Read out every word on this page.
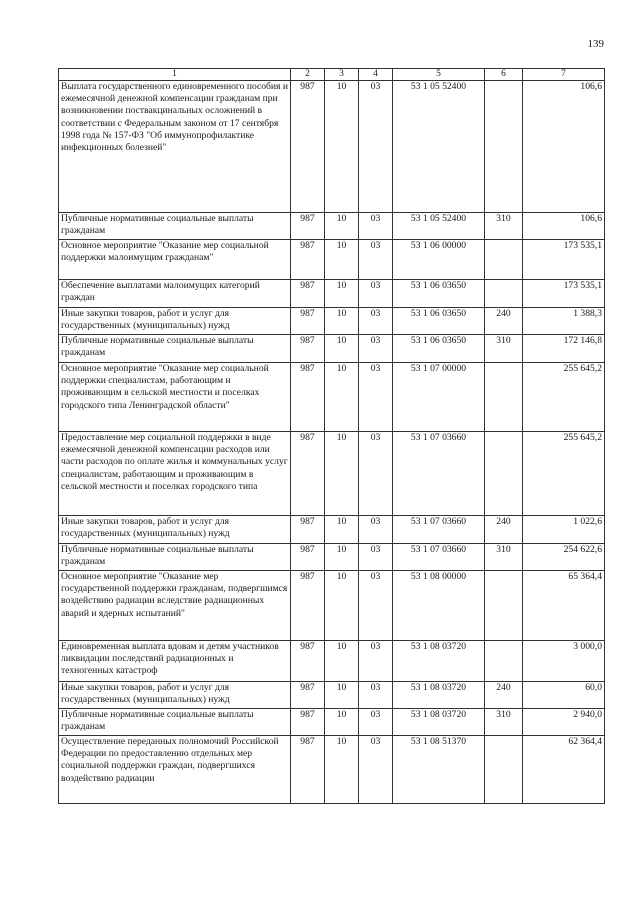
139
1	2	3	4	5	6	7
Выплата государственного единовременного пособия и ежемесячной денежной компенсации гражданам при возникновении поствакцинальных осложнений в соответствии с Федеральным законом от 17 сентября 1998 года № 157-ФЗ "Об иммунопрофилактике инфекционных болезней"	987	10	03	53 1 05 52400		106,6
Публичные нормативные социальные выплаты гражданам	987	10	03	53 1 05 52400	310	106,6
Основное мероприятие "Оказание мер социальной поддержки малоимущим гражданам"	987	10	03	53 1 06 00000		173 535,1
Обеспечение выплатами малоимущих категорий граждан	987	10	03	53 1 06 03650		173 535,1
Иные закупки товаров, работ и услуг для государственных (муниципальных) нужд	987	10	03	53 1 06 03650	240	1 388,3
Публичные нормативные социальные выплаты гражданам	987	10	03	53 1 06 03650	310	172 146,8
Основное мероприятие "Оказание мер социальной поддержки специалистам, работающим и проживающим в сельской местности и поселках городского типа Ленинградской области"	987	10	03	53 1 07 00000		255 645,2
Предоставление мер социальной поддержки в виде ежемесячной денежной компенсации расходов или части расходов по оплате жилья и коммунальных услуг специалистам, работающим и проживающим в сельской местности и поселках городского типа	987	10	03	53 1 07 03660		255 645,2
Иные закупки товаров, работ и услуг для государственных (муниципальных) нужд	987	10	03	53 1 07 03660	240	1 022,6
Публичные нормативные социальные выплаты гражданам	987	10	03	53 1 07 03660	310	254 622,6
Основное мероприятие "Оказание мер государственной поддержки гражданам, подвергшимся воздействию радиации вследствие радиационных аварий и ядерных испытаний"	987	10	03	53 1 08 00000		65 364,4
Единовременная выплата вдовам и детям участников ликвидации последствий радиационных и техногенных катастроф	987	10	03	53 1 08 03720		3 000,0
Иные закупки товаров, работ и услуг для государственных (муниципальных) нужд	987	10	03	53 1 08 03720	240	60,0
Публичные нормативные социальные выплаты гражданам	987	10	03	53 1 08 03720	310	2 940,0
Осуществление переданных полномочий Российской Федерации по предоставлению отдельных мер социальной поддержки граждан, подвергшихся воздействию радиации	987	10	03	53 1 08 51370		62 364,4
